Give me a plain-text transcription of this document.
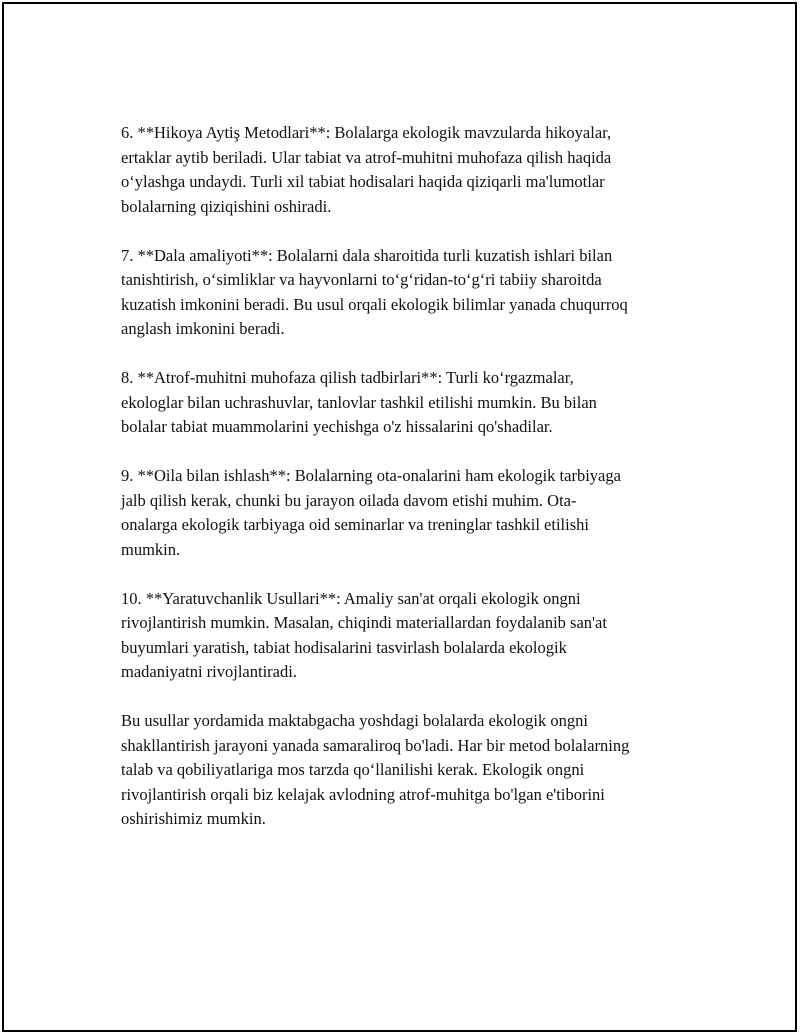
6. **Hikoya Aytiş Metodlari**: Bolalarga ekologik mavzularda hikoyalar,
ertaklar aytib beriladi. Ular tabiat va atrof-muhitni muhofaza qilish haqida
o‘ylashga undaydi. Turli xil tabiat hodisalari haqida qiziqarli ma'lumotlar
bolalarning qiziqishini oshiradi.

7. **Dala amaliyoti**: Bolalarni dala sharoitida turli kuzatish ishlari bilan
tanishtirish, o‘simliklar va hayvonlarni to‘g‘ridan-to‘g‘ri tabiiy sharoitda
kuzatish imkonini beradi. Bu usul orqali ekologik bilimlar yanada chuqurroq
anglash imkonini beradi.

8. **Atrof-muhitni muhofaza qilish tadbirlari**: Turli ko‘rgazmalar,
ekologlar bilan uchrashuvlar, tanlovlar tashkil etilishi mumkin. Bu bilan
bolalar tabiat muammolarini yechishga o'z hissalarini qo'shadilar.

9. **Oila bilan ishlash**: Bolalarning ota-onalarini ham ekologik tarbiyaga
jalb qilish kerak, chunki bu jarayon oilada davom etishi muhim. Ota-
onalarga ekologik tarbiyaga oid seminarlar va treninglar tashkil etilishi
mumkin.

10. **Yaratuvchanlik Usullari**: Amaliy san'at orqali ekologik ongni
rivojlantirish mumkin. Masalan, chiqindi materiallardan foydalanib san'at
buyumlari yaratish, tabiat hodisalarini tasvirlash bolalarda ekologik
madaniyatni rivojlantiradi.

Bu usullar yordamida maktabgacha yoshdagi bolalarda ekologik ongni
shakllantirish jarayoni yanada samaraliroq bo'ladi. Har bir metod bolalarning
talab va qobiliyatlariga mos tarzda qo‘llanilishi kerak. Ekologik ongni
rivojlantirish orqali biz kelajak avlodning atrof-muhitga bo'lgan e'tiborini
oshirishimiz mumkin.
